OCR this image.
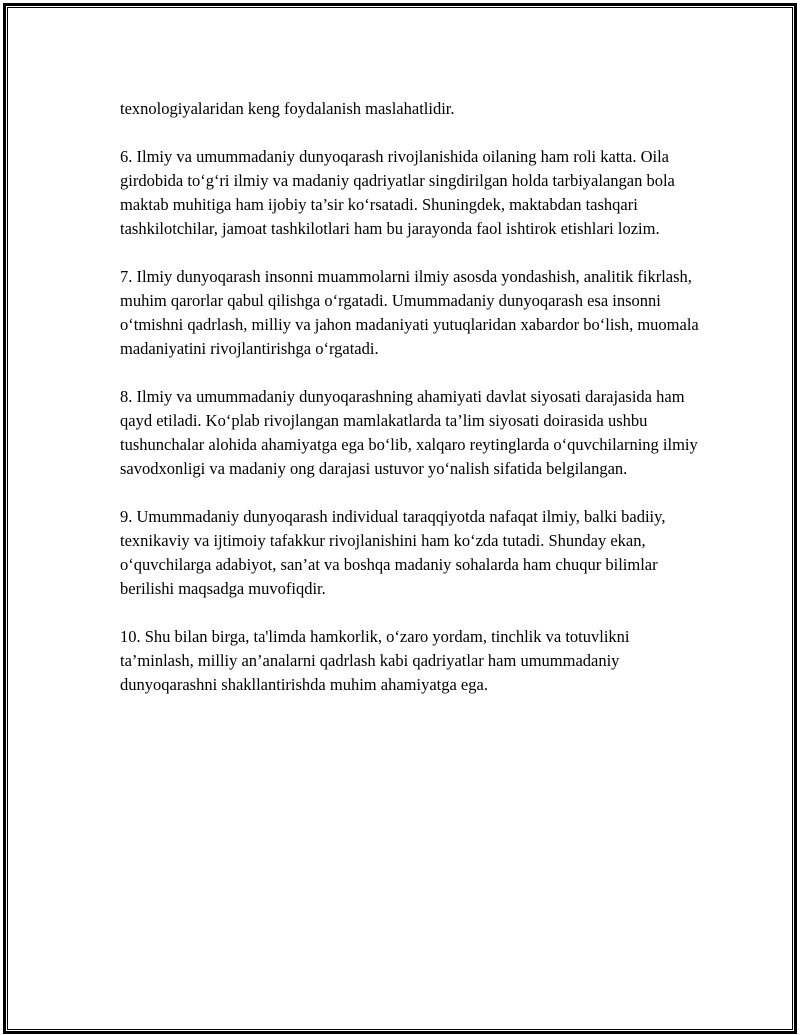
texnologiyalaridan keng foydalanish maslahatlidir.

6. Ilmiy va umummadaniy dunyoqarash rivojlanishida oilaning ham roli katta. Oila girdobida to‘g‘ri ilmiy va madaniy qadriyatlar singdirilgan holda tarbiyalangan bola maktab muhitiga ham ijobiy ta’sir ko‘rsatadi. Shuningdek, maktabdan tashqari tashkilotchilar, jamoat tashkilotlari ham bu jarayonda faol ishtirok etishlari lozim.

7. Ilmiy dunyoqarash insonni muammolarni ilmiy asosda yondashish, analitik fikrlash, muhim qarorlar qabul qilishga o‘rgatadi. Umummadaniy dunyoqarash esa insonni o‘tmishni qadrlash, milliy va jahon madaniyati yutuqlaridan xabardor bo‘lish, muomala madaniyatini rivojlantirishga o‘rgatadi.

8. Ilmiy va umummadaniy dunyoqarashning ahamiyati davlat siyosati darajasida ham qayd etiladi. Ko‘plab rivojlangan mamlakatlarda ta’lim siyosati doirasida ushbu tushunchalar alohida ahamiyatga ega bo‘lib, xalqaro reytinglarda o‘quvchilarning ilmiy savodxonligi va madaniy ong darajasi ustuvor yo‘nalish sifatida belgilangan.

9. Umummadaniy dunyoqarash individual taraqqiyotda nafaqat ilmiy, balki badiiy, texnikaviy va ijtimoiy tafakkur rivojlanishini ham ko‘zda tutadi. Shunday ekan, o‘quvchilarga adabiyot, san’at va boshqa madaniy sohalarda ham chuqur bilimlar berilishi maqsadga muvofiqdir.

10. Shu bilan birga, ta'limda hamkorlik, o‘zaro yordam, tinchlik va totuvlikni ta’minlash, milliy an’analarni qadrlash kabi qadriyatlar ham umummadaniy dunyoqarashni shakllantirishda muhim ahamiyatga ega.
